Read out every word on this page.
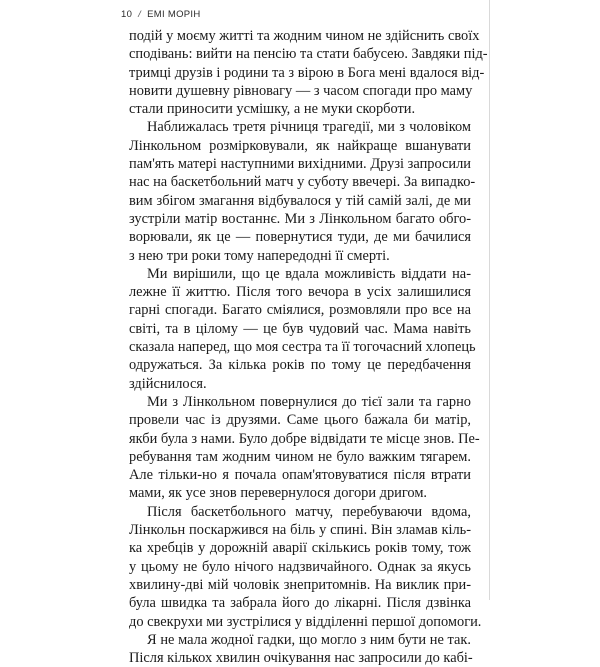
10 / ЕМІ МОРІН
подій у моєму житті та жодним чином не здійснить своїх
сподівань: вийти на пенсію та стати бабусею. Завдяки під-
тримці друзів і родини та з вірою в Бога мені вдалося від-
новити душевну рівновагу — з часом спогади про маму
стали приносити усмішку, а не муки скорботи.
Наближалась третя річниця трагедії, ми з чоловіком
Лінкольном розмірковували, як найкраще вшанувати
пам'ять матері наступними вихідними. Друзі запросили
нас на баскетбольний матч у суботу ввечері. За випадко-
вим збігом змагання відбувалося у тій самій залі, де ми
зустріли матір востаннє. Ми з Лінкольном багато обго-
ворювали, як це — повернутися туди, де ми бачилися
з нею три роки тому напередодні її смерті.
Ми вирішили, що це вдала можливість віддати на-
лежне її життю. Після того вечора в усіх залишилися
гарні спогади. Багато сміялися, розмовляли про все на
світі, та в цілому — це був чудовий час. Мама навіть
сказала наперед, що моя сестра та її тогочасний хлопець
одружаться. За кілька років по тому це передбачення
здійснилося.
Ми з Лінкольном повернулися до тієї зали та гарно
провели час із друзями. Саме цього бажала би матір,
якби була з нами. Було добре відвідати те місце знов. Пе-
ребування там жодним чином не було важким тягарем.
Але тільки-но я почала опам'ятовуватися після втрати
мами, як усе знов перевернулося догори дригом.
Після баскетбольного матчу, перебуваючи вдома,
Лінкольн поскаржився на біль у спині. Він зламав кіль-
ка хребців у дорожній аварії скількись років тому, тож
у цьому не було нічого надзвичайного. Однак за якусь
хвилину-дві мій чоловік знепритомнів. На виклик при-
була швидка та забрала його до лікарні. Після дзвінка
до свекрухи ми зустрілися у відділенні першої допомоги.
Я не мала жодної гадки, що могло з ним бути не так.
Після кількох хвилин очікування нас запросили до кабі-
